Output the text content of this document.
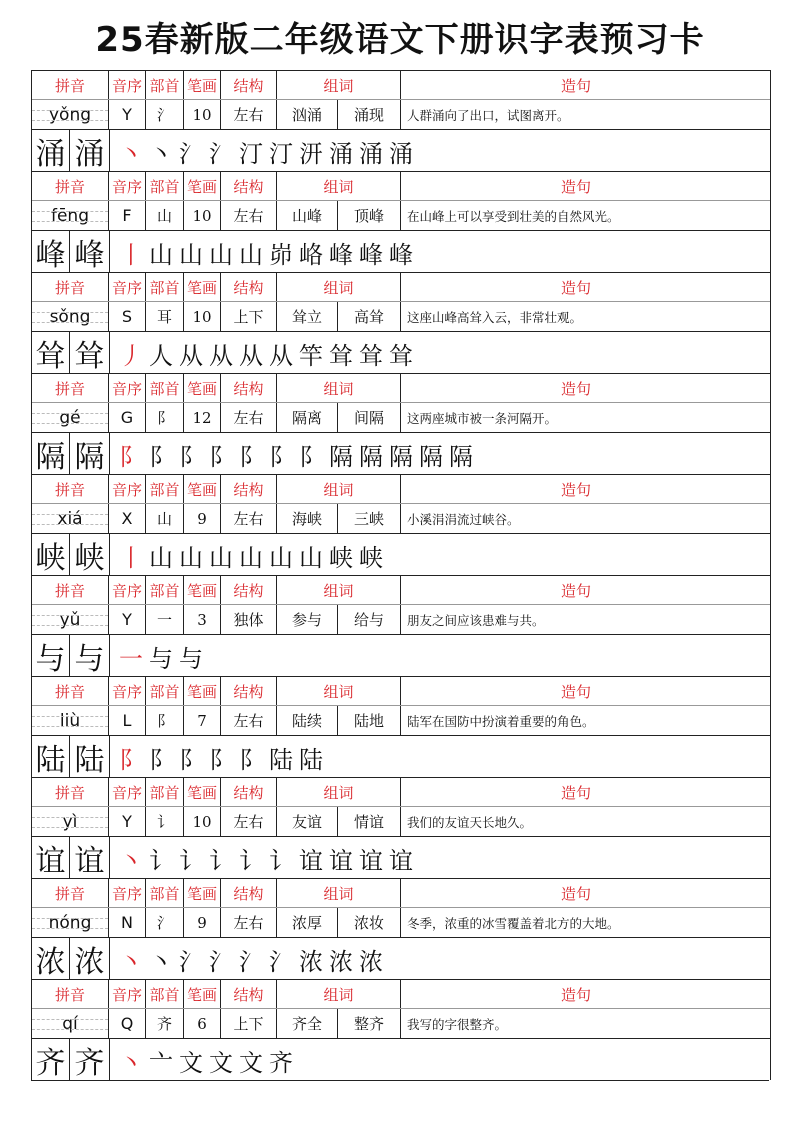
25春新版二年级语文下册识字表预习卡
拼音 音序 部首 笔画 结构	组词	造句
yǒng	Y	氵	10	左右	汹涌	涌现	人群涌向了出口，试图离开。
涌 涌 丶 丶 氵 氵 汀 汀 汧 涌 涌 涌
拼音 音序 部首 笔画 结构	组词	造句
fēng	F	山	10	左右	山峰	顶峰	在山峰上可以享受到壮美的自然风光。
峰 峰 丨 山 山 山 山 峁 峈 峰 峰 峰
拼音 音序 部首 笔画 结构	组词	造句
sǒng	S	耳	10	上下	耸立	高耸	这座山峰高耸入云，非常壮观。
耸 耸 丿 人 从 从 从 从 竿 耸 耸 耸
拼音 音序 部首 笔画 结构	组词	造句
gé	G	阝	12	左右	隔离	间隔	这两座城市被一条河隔开。
隔 隔 阝 阝 阝 阝 阝 阝 阝 隔 隔 隔 隔 隔
拼音 音序 部首 笔画 结构	组词	造句
xiá	X	山	9	左右	海峡	三峡	小溪涓涓流过峡谷。
峡 峡 丨 山 山 山 山 山 山 峡 峡
拼音 音序 部首 笔画 结构	组词	造句
yǔ	Y	一	3	独体	参与	给与	朋友之间应该患难与共。
与 与 一 与 与
拼音 音序 部首 笔画 结构	组词	造句
liù	L	阝	7	左右	陆续	陆地	陆军在国防中扮演着重要的角色。
陆 陆 阝 阝 阝 阝 阝 陆 陆
拼音 音序 部首 笔画 结构	组词	造句
yì	Y	讠	10	左右	友谊	情谊	我们的友谊天长地久。
谊 谊 丶 讠 讠 讠 讠 讠 谊 谊 谊 谊
拼音 音序 部首 笔画 结构	组词	造句
nóng	N	氵	9	左右	浓厚	浓妆	冬季，浓重的冰雪覆盖着北方的大地。
浓 浓 丶 丶 氵 氵 氵 氵 浓 浓 浓
拼音 音序 部首 笔画 结构	组词	造句
qí	Q	齐	6	上下	齐全	整齐	我写的字很整齐。
齐 齐 丶 亠 文 文 文 齐
